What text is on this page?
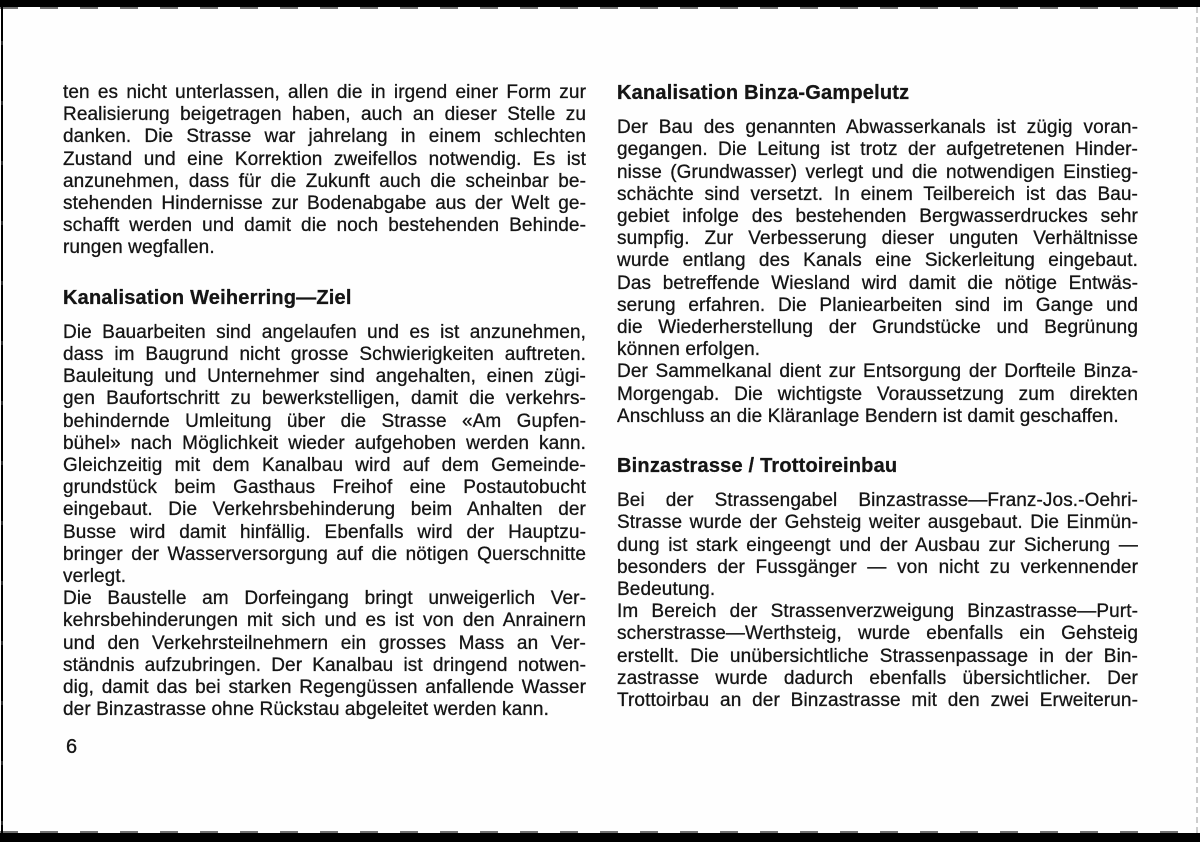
ten es nicht unterlassen, allen die in irgend einer Form zur
Realisierung beigetragen haben, auch an dieser Stelle zu
danken. Die Strasse war jahrelang in einem schlechten
Zustand und eine Korrektion zweifellos notwendig. Es ist
anzunehmen, dass für die Zukunft auch die scheinbar be-
stehenden Hindernisse zur Bodenabgabe aus der Welt ge-
schafft werden und damit die noch bestehenden Behinde-
rungen wegfallen.
Kanalisation Weiherring—Ziel
Die Bauarbeiten sind angelaufen und es ist anzunehmen,
dass im Baugrund nicht grosse Schwierigkeiten auftreten.
Bauleitung und Unternehmer sind angehalten, einen zügi-
gen Baufortschritt zu bewerkstelligen, damit die verkehrs-
behindernde Umleitung über die Strasse «Am Gupfen-
bühel» nach Möglichkeit wieder aufgehoben werden kann.
Gleichzeitig mit dem Kanalbau wird auf dem Gemeinde-
grundstück beim Gasthaus Freihof eine Postautobucht
eingebaut. Die Verkehrsbehinderung beim Anhalten der
Busse wird damit hinfällig. Ebenfalls wird der Hauptzu-
bringer der Wasserversorgung auf die nötigen Querschnitte
verlegt.
Die Baustelle am Dorfeingang bringt unweigerlich Ver-
kehrsbehinderungen mit sich und es ist von den Anrainern
und den Verkehrsteilnehmern ein grosses Mass an Ver-
ständnis aufzubringen. Der Kanalbau ist dringend notwen-
dig, damit das bei starken Regengüssen anfallende Wasser
der Binzastrasse ohne Rückstau abgeleitet werden kann.
Kanalisation Binza-Gampelutz
Der Bau des genannten Abwasserkanals ist zügig voran-
gegangen. Die Leitung ist trotz der aufgetretenen Hinder-
nisse (Grundwasser) verlegt und die notwendigen Einstieg-
schächte sind versetzt. In einem Teilbereich ist das Bau-
gebiet infolge des bestehenden Bergwasserdruckes sehr
sumpfig. Zur Verbesserung dieser unguten Verhältnisse
wurde entlang des Kanals eine Sickerleitung eingebaut.
Das betreffende Wiesland wird damit die nötige Entwäs-
serung erfahren. Die Planiearbeiten sind im Gange und
die Wiederherstellung der Grundstücke und Begrünung
können erfolgen.
Der Sammelkanal dient zur Entsorgung der Dorfteile Binza-
Morgengab. Die wichtigste Voraussetzung zum direkten
Anschluss an die Kläranlage Bendern ist damit geschaffen.
Binzastrasse / Trottoireinbau
Bei der Strassengabel Binzastrasse—Franz-Jos.-Oehri-
Strasse wurde der Gehsteig weiter ausgebaut. Die Einmün-
dung ist stark eingeengt und der Ausbau zur Sicherung —
besonders der Fussgänger — von nicht zu verkennender
Bedeutung.
Im Bereich der Strassenverzweigung Binzastrasse—Purt-
scherstrasse—Werthsteig, wurde ebenfalls ein Gehsteig
erstellt. Die unübersichtliche Strassenpassage in der Bin-
zastrasse wurde dadurch ebenfalls übersichtlicher. Der
Trottoirbau an der Binzastrasse mit den zwei Erweiterun-
6
